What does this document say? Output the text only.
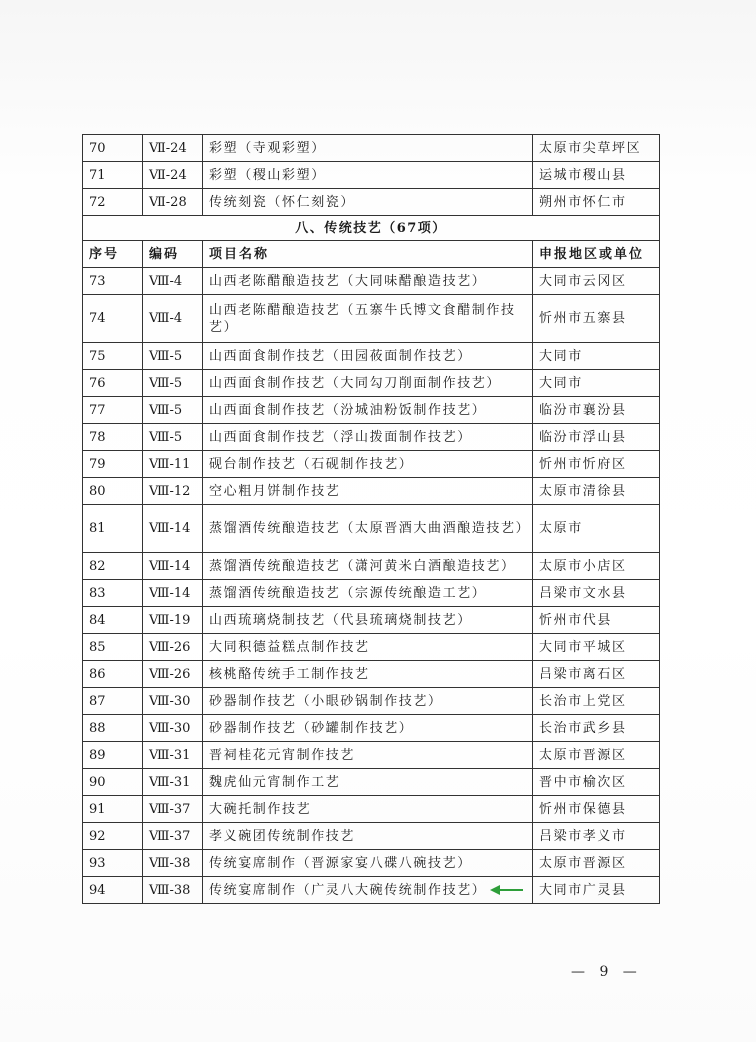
70	Ⅶ-24	彩塑（寺观彩塑）	太原市尖草坪区
71	Ⅶ-24	彩塑（稷山彩塑）	运城市稷山县
72	Ⅶ-28	传统刻瓷（怀仁刻瓷）	朔州市怀仁市
八、传统技艺（67项）			
序号	编码	项目名称	申报地区或单位
73	Ⅷ-4	山西老陈醋酿造技艺（大同味醋酿造技艺）	大同市云冈区
74	Ⅷ-4	山西老陈醋酿造技艺（五寨牛氏博文食醋制作技艺）	忻州市五寨县
75	Ⅷ-5	山西面食制作技艺（田园莜面制作技艺）	大同市
76	Ⅷ-5	山西面食制作技艺（大同勾刀削面制作技艺）	大同市
77	Ⅷ-5	山西面食制作技艺（汾城油粉饭制作技艺）	临汾市襄汾县
78	Ⅷ-5	山西面食制作技艺（浮山拨面制作技艺）	临汾市浮山县
79	Ⅷ-11	砚台制作技艺（石砚制作技艺）	忻州市忻府区
80	Ⅷ-12	空心粗月饼制作技艺	太原市清徐县
81	Ⅷ-14	蒸馏酒传统酿造技艺（太原晋酒大曲酒酿造技艺）	太原市
82	Ⅷ-14	蒸馏酒传统酿造技艺（潇河黄米白酒酿造技艺）	太原市小店区
83	Ⅷ-14	蒸馏酒传统酿造技艺（宗源传统酿造工艺）	吕梁市文水县
84	Ⅷ-19	山西琉璃烧制技艺（代县琉璃烧制技艺）	忻州市代县
85	Ⅷ-26	大同积德益糕点制作技艺	大同市平城区
86	Ⅷ-26	核桃酪传统手工制作技艺	吕梁市离石区
87	Ⅷ-30	砂器制作技艺（小眼砂锅制作技艺）	长治市上党区
88	Ⅷ-30	砂器制作技艺（砂罐制作技艺）	长治市武乡县
89	Ⅷ-31	晋祠桂花元宵制作技艺	太原市晋源区
90	Ⅷ-31	魏虎仙元宵制作工艺	晋中市榆次区
91	Ⅷ-37	大碗托制作技艺	忻州市保德县
92	Ⅷ-37	孝义碗团传统制作技艺	吕梁市孝义市
93	Ⅷ-38	传统宴席制作（晋源家宴八碟八碗技艺）	太原市晋源区
94	Ⅷ-38	传统宴席制作（广灵八大碗传统制作技艺）	大同市广灵县
— 9 —
